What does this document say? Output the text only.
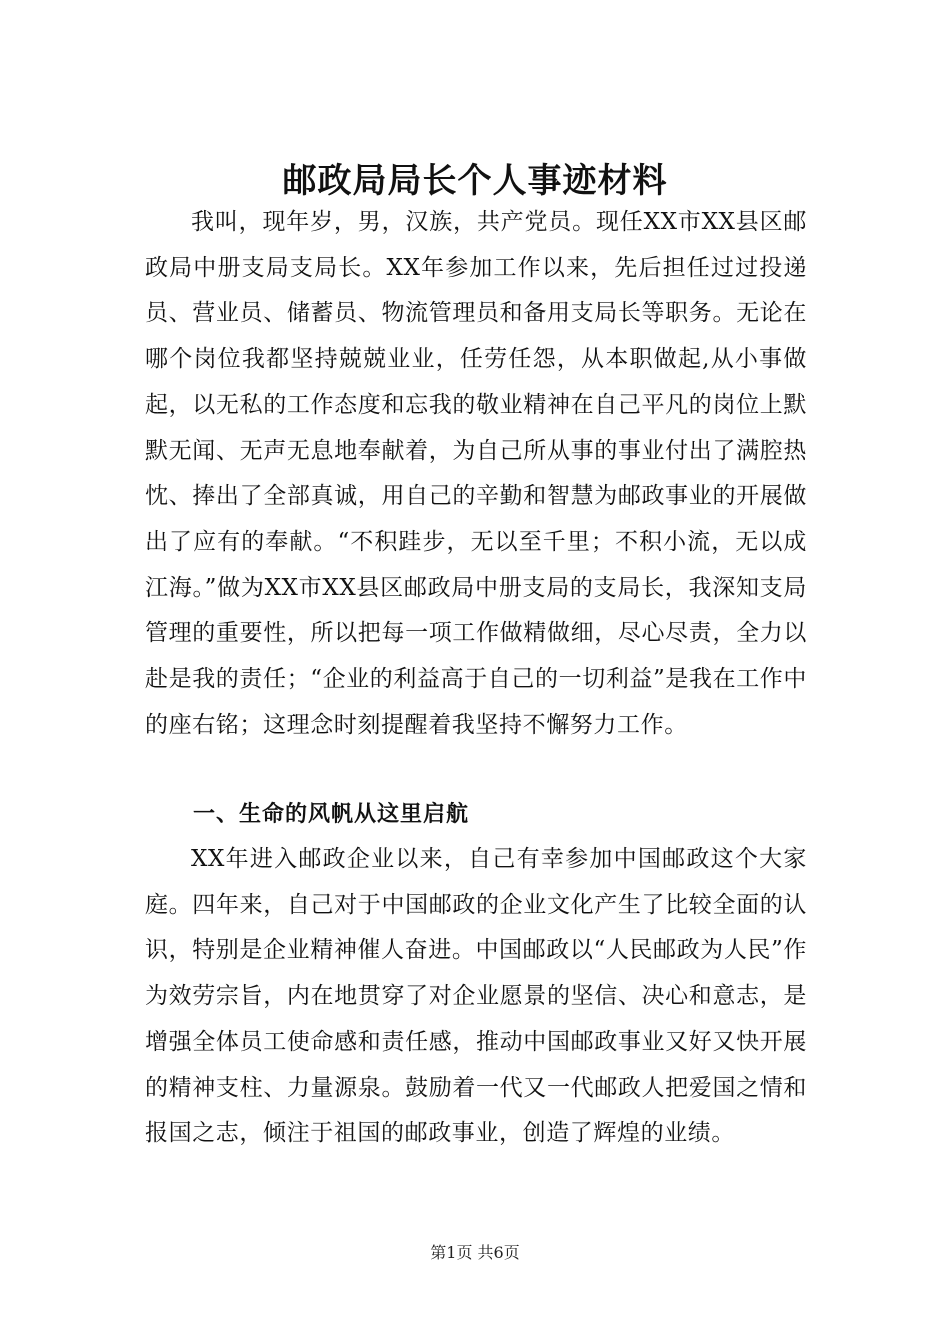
邮政局局长个人事迹材料

我叫，现年岁，男，汉族，共产党员。现任XX市XX县区邮政局中册支局支局长。XX年参加工作以来，先后担任过过投递员、营业员、储蓄员、物流管理员和备用支局长等职务。无论在哪个岗位我都坚持兢兢业业，任劳任怨，从本职做起,从小事做起，以无私的工作态度和忘我的敬业精神在自己平凡的岗位上默默无闻、无声无息地奉献着，为自己所从事的事业付出了满腔热忱、捧出了全部真诚，用自己的辛勤和智慧为邮政事业的开展做出了应有的奉献。“不积跬步，无以至千里；不积小流，无以成江海。”做为XX市XX县区邮政局中册支局的支局长，我深知支局管理的重要性，所以把每一项工作做精做细，尽心尽责，全力以赴是我的责任；“企业的利益高于自己的一切利益”是我在工作中的座右铭；这理念时刻提醒着我坚持不懈努力工作。

一、生命的风帆从这里启航

XX年进入邮政企业以来，自己有幸参加中国邮政这个大家庭。四年来，自己对于中国邮政的企业文化产生了比较全面的认识，特别是企业精神催人奋进。中国邮政以“人民邮政为人民”作为效劳宗旨，内在地贯穿了对企业愿景的坚信、决心和意志，是增强全体员工使命感和责任感，推动中国邮政事业又好又快开展的精神支柱、力量源泉。鼓励着一代又一代邮政人把爱国之情和报国之志，倾注于祖国的邮政事业，创造了辉煌的业绩。

第1页 共6页
